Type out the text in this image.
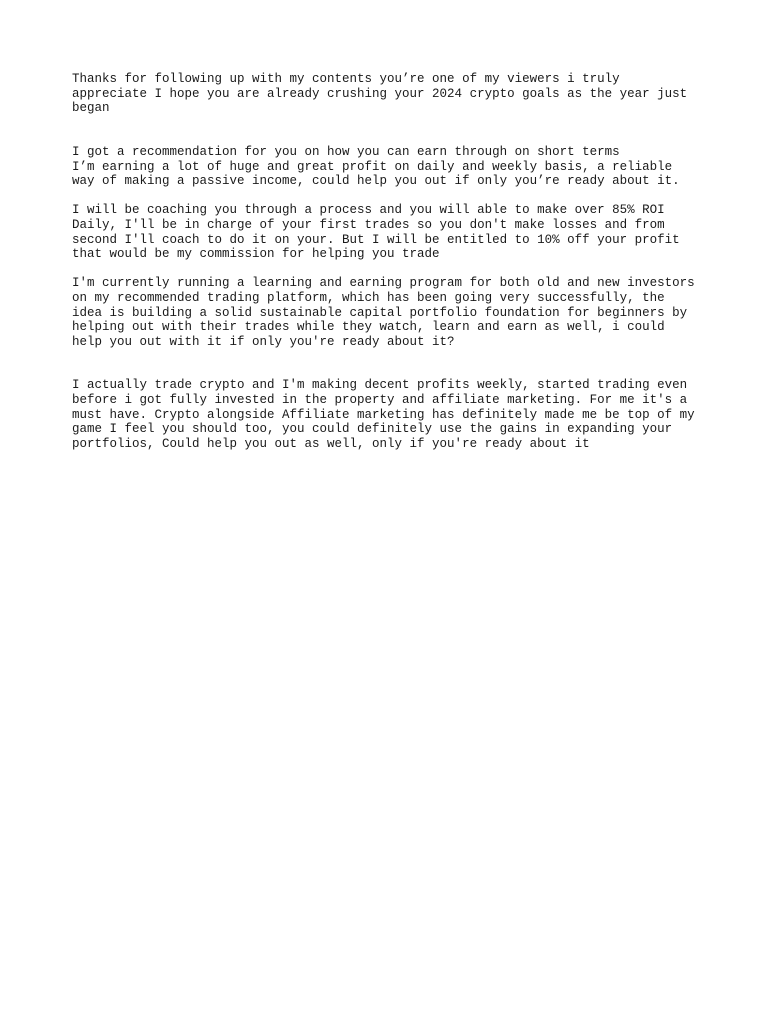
Thanks for following up with my contents you’re one of my viewers i truly
appreciate I hope you are already crushing your 2024 crypto goals as the year just
began

I got a recommendation for you on how you can earn through on short terms
I’m earning a lot of huge and great profit on daily and weekly basis, a reliable
way of making a passive income, could help you out if only you’re ready about it.

I will be coaching you through a process and you will able to make over 85% ROI
Daily, I'll be in charge of your first trades so you don't make losses and from
second I'll coach to do it on your. But I will be entitled to 10% off your profit
that would be my commission for helping you trade

I'm currently running a learning and earning program for both old and new investors
on my recommended trading platform, which has been going very successfully, the
idea is building a solid sustainable capital portfolio foundation for beginners by
helping out with their trades while they watch, learn and earn as well, i could
help you out with it if only you're ready about it?

I actually trade crypto and I'm making decent profits weekly, started trading even
before i got fully invested in the property and affiliate marketing. For me it's a
must have. Crypto alongside Affiliate marketing has definitely made me be top of my
game I feel you should too, you could definitely use the gains in expanding your
portfolios, Could help you out as well, only if you're ready about it
